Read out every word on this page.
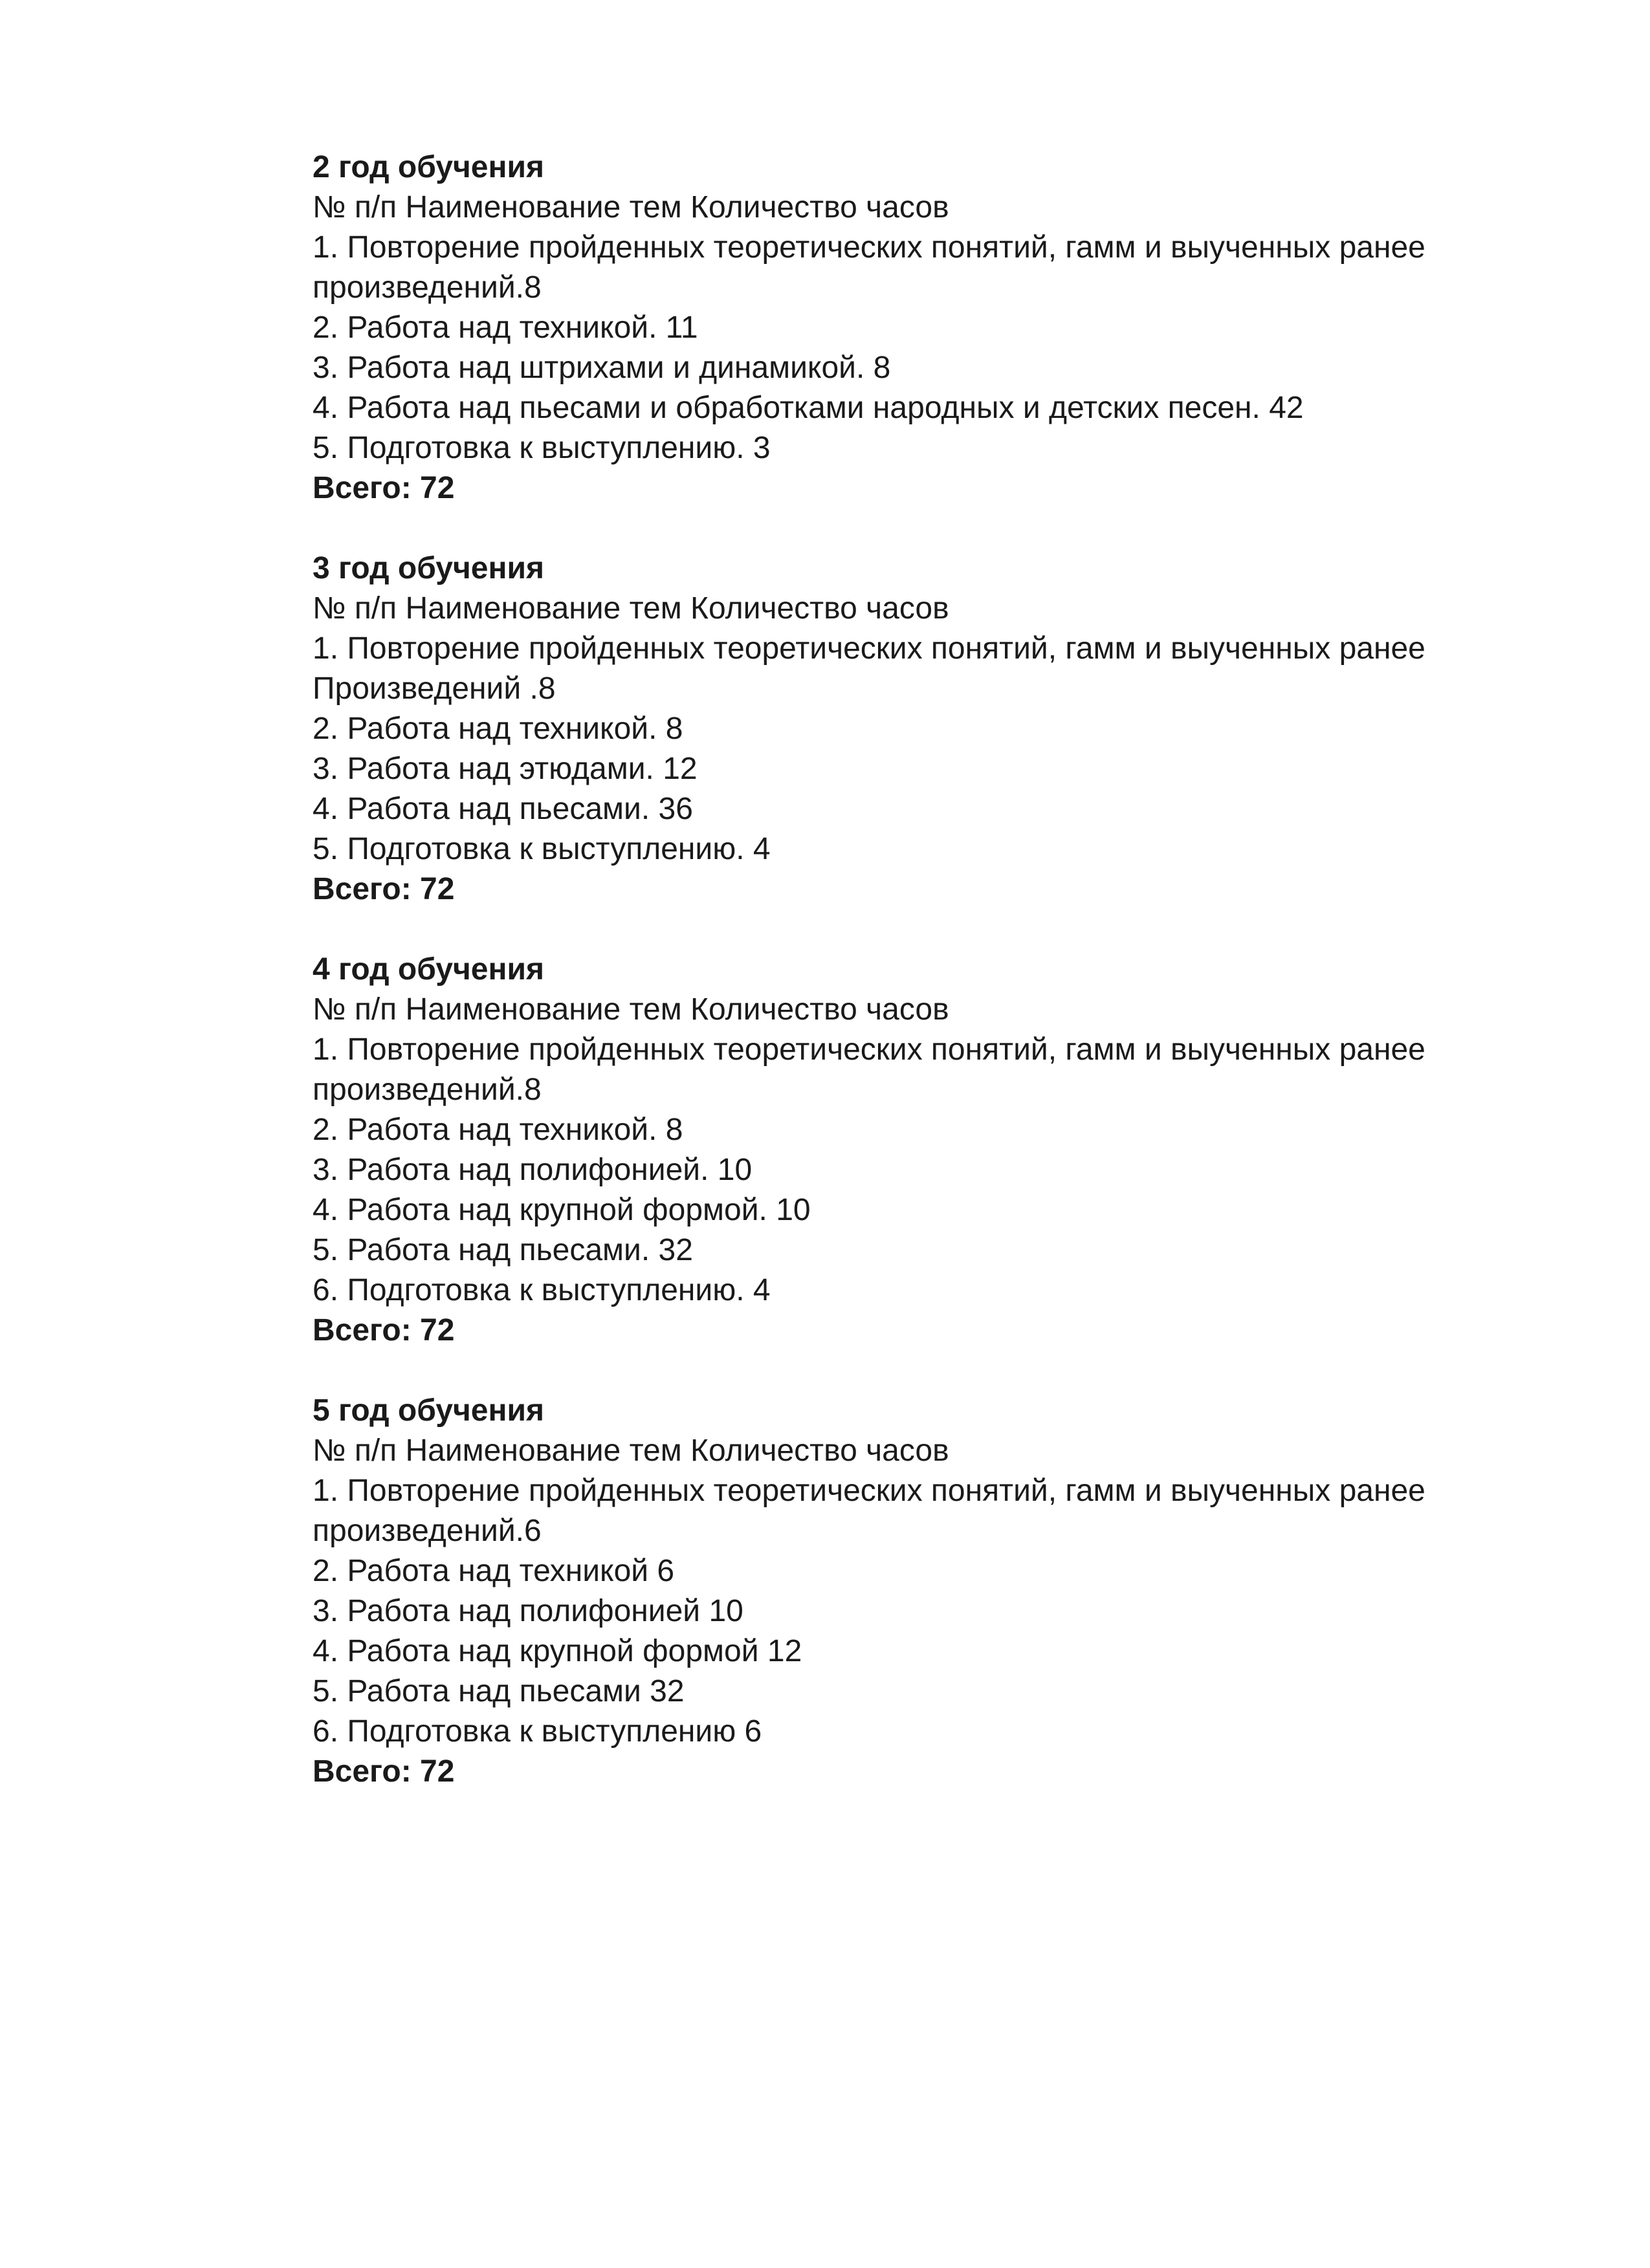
2 год обучения

№ п/п Наименование тем Количество часов

1. Повторение пройденных теоретических понятий, гамм и выученных ранее

произведений.8

2. Работа над техникой. 11

3. Работа над штрихами и динамикой. 8

4. Работа над пьесами и обработками народных и детских песен. 42

5. Подготовка к выступлению. 3

Всего: 72

3 год обучения

№ п/п Наименование тем Количество часов

1. Повторение пройденных теоретических понятий, гамм и выученных ранее

Произведений .8

2. Работа над техникой. 8

3. Работа над этюдами. 12

4. Работа над пьесами. 36

5. Подготовка к выступлению. 4

Всего: 72

4 год обучения

№ п/п Наименование тем Количество часов

1. Повторение пройденных теоретических понятий, гамм и выученных ранее

произведений.8

2. Работа над техникой. 8

3. Работа над полифонией. 10

4. Работа над крупной формой. 10

5. Работа над пьесами. 32

6. Подготовка к выступлению. 4

Всего: 72

5 год обучения

№ п/п Наименование тем Количество часов

1. Повторение пройденных теоретических понятий, гамм и выученных ранее

произведений.6

2. Работа над техникой 6

3. Работа над полифонией 10

4. Работа над крупной формой 12

5. Работа над пьесами 32

6. Подготовка к выступлению 6

Всего: 72
